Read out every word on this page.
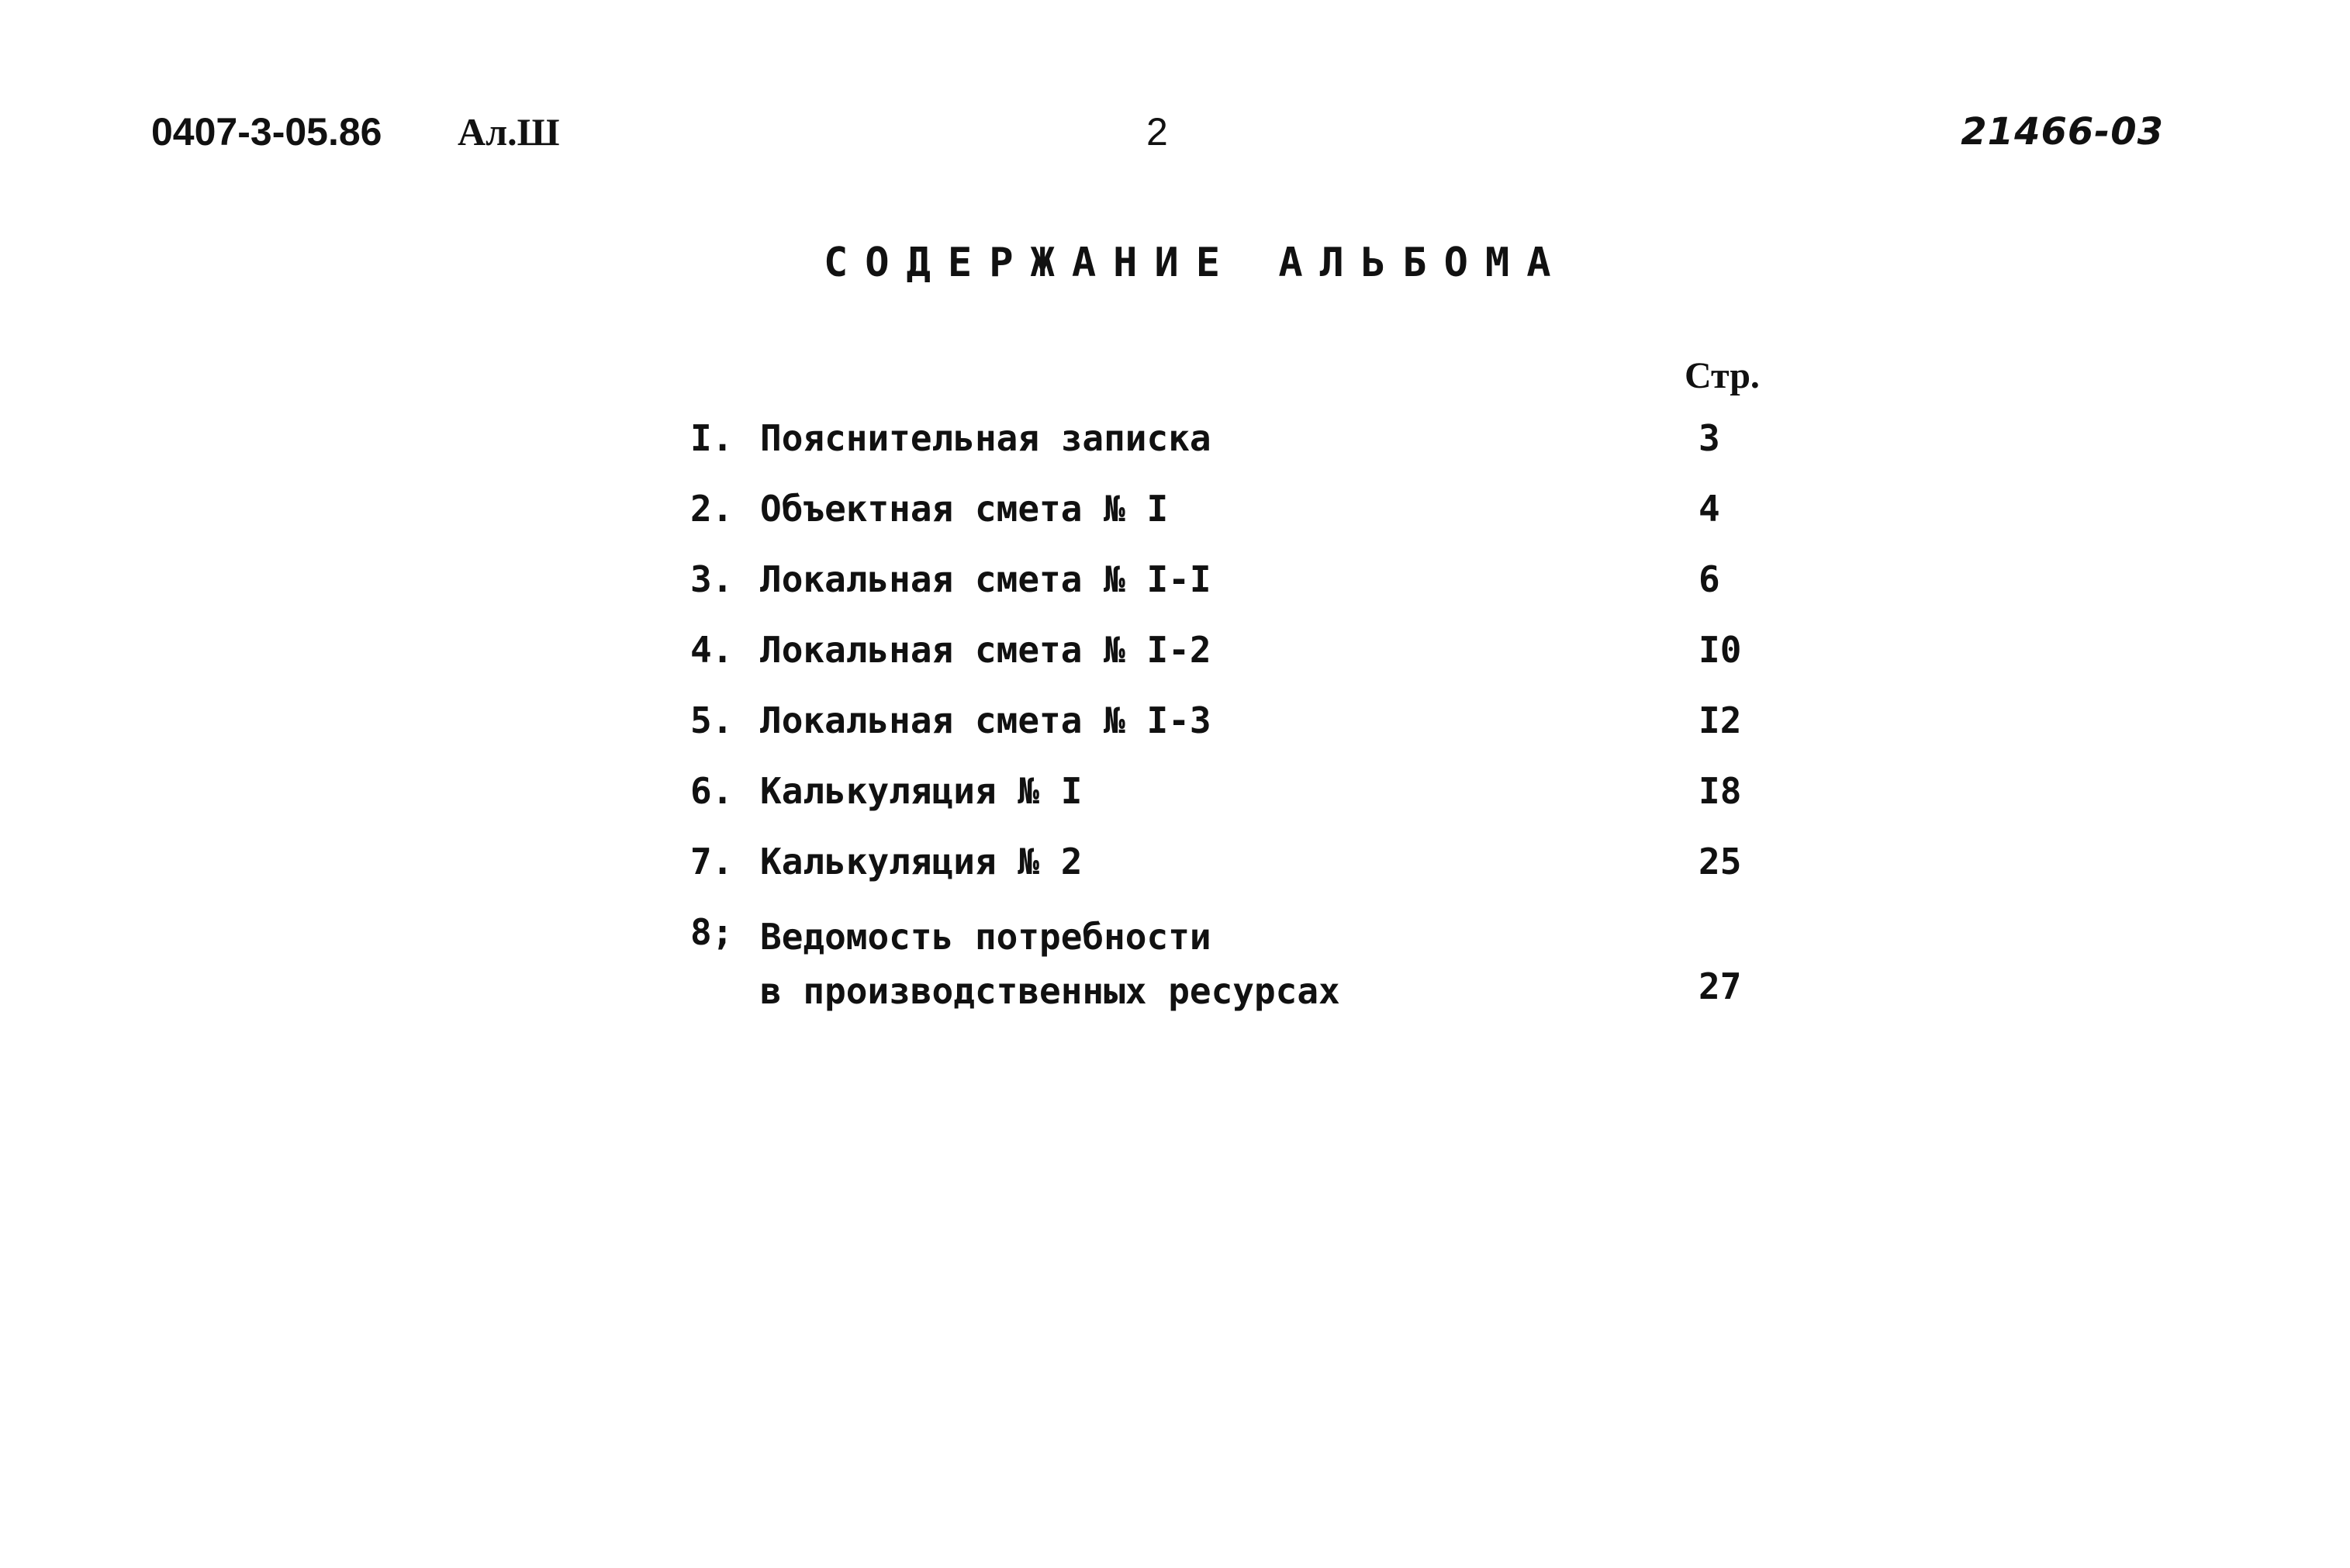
0407-3-05.86 Ал.Ш	2	21466-03
СОДЕРЖАНИЕ АЛЬБОМА
Стр.
I. Пояснительная записка	3
2. Объектная смета № I	4
3. Локальная смета № I-I	6
4. Локальная смета № I-2	I0
5. Локальная смета № I-3	I2
6. Калькуляция № I	I8
7. Калькуляция № 2	25
8; Ведомость потребности
в производственных ресурсах	27
